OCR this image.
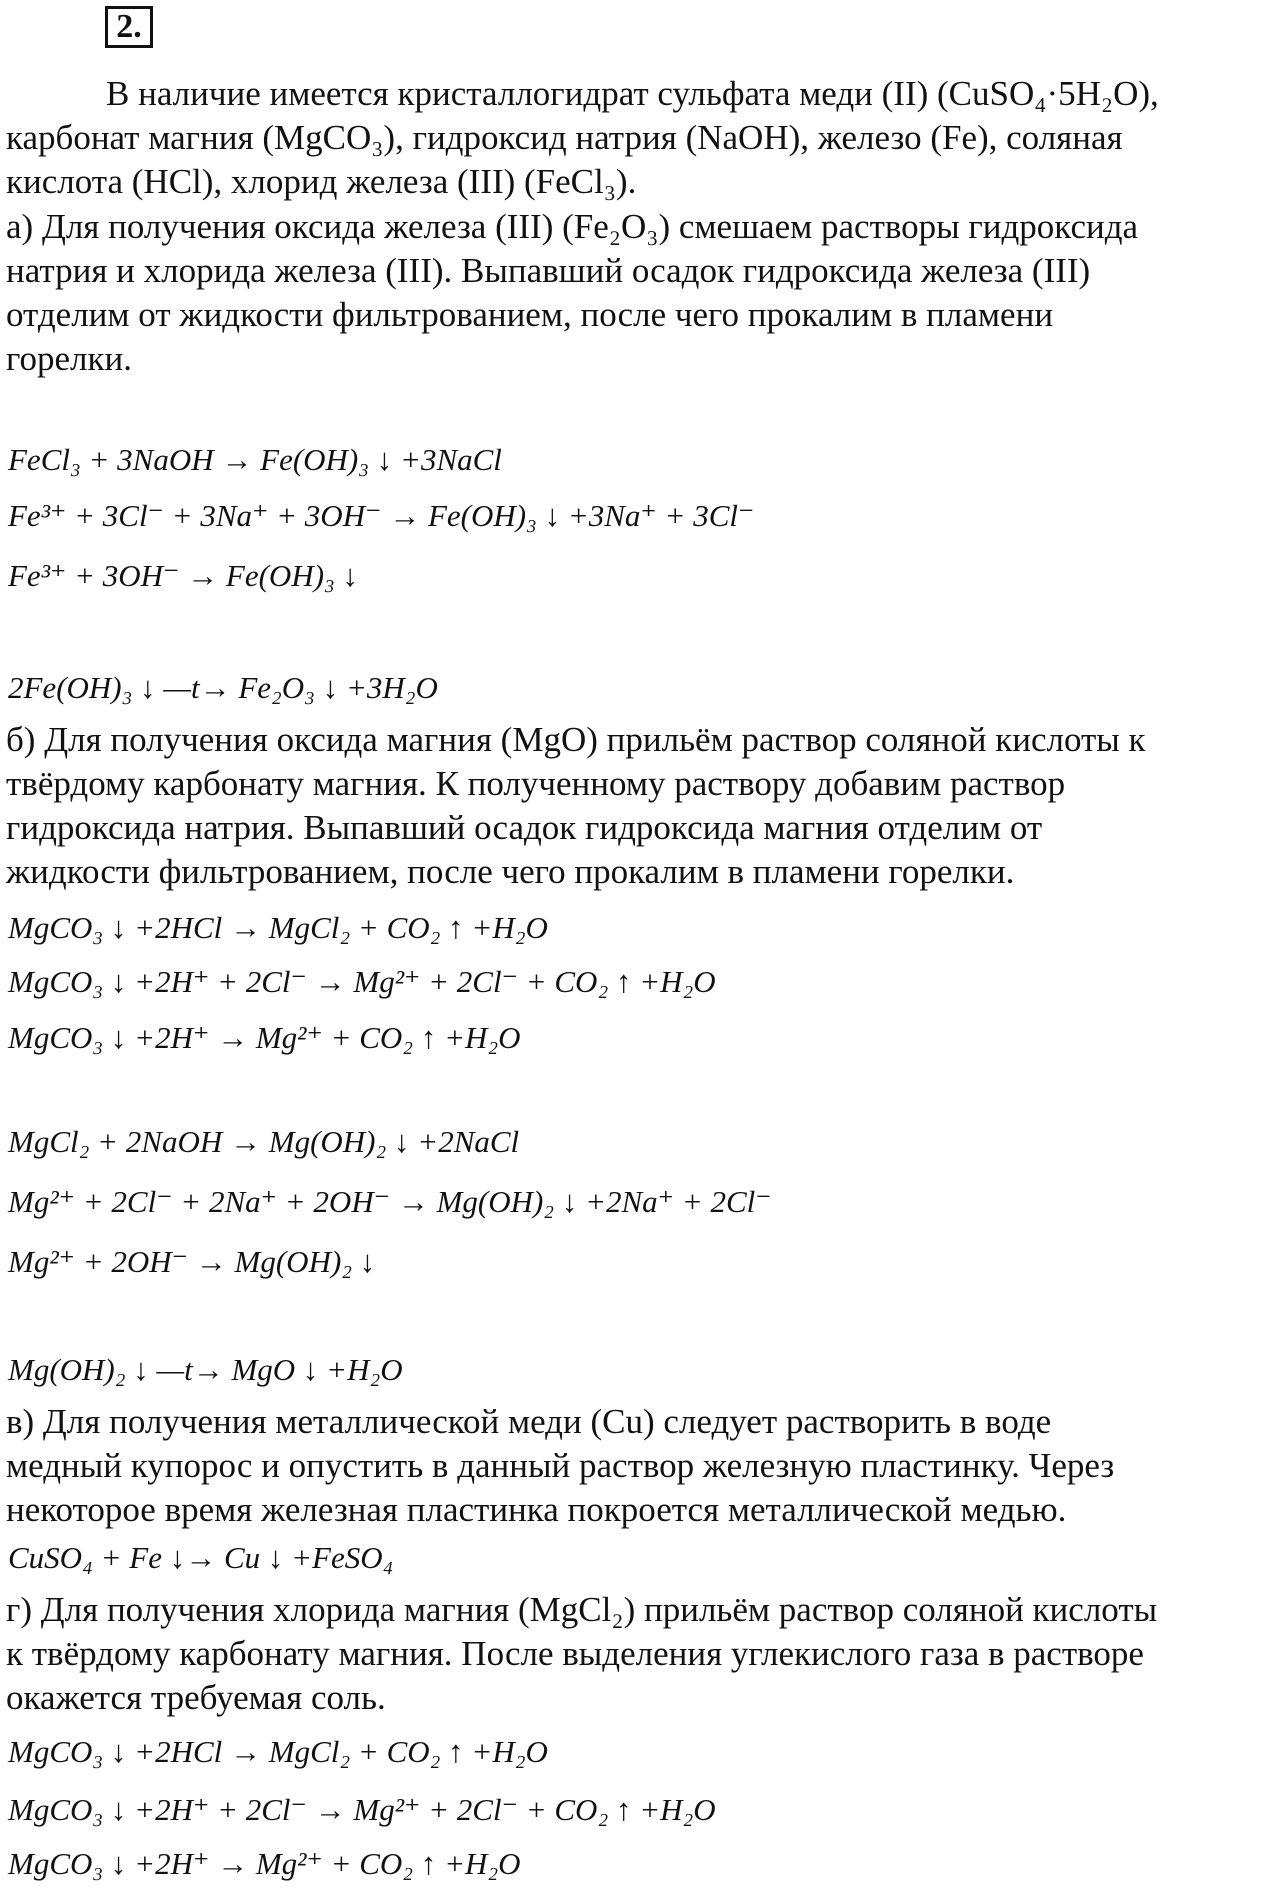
2.

В наличие имеется кристаллогидрат сульфата меди (II) (CuSO₄·5H₂O),
карбонат магния (MgCO₃), гидроксид натрия (NaOH), железо (Fe), соляная
кислота (HCl), хлорид железа (III) (FeCl₃).

а) Для получения оксида железа (III) (Fe₂O₃) смешаем растворы гидроксида
натрия и хлорида железа (III). Выпавший осадок гидроксида железа (III)
отделим от жидкости фильтрованием, после чего прокалим в пламени
горелки.

FeCl₃ + 3NaOH → Fe(OH)₃ ↓ +3NaCl
Fe³⁺ + 3Cl⁻ + 3Na⁺ + 3OH⁻ → Fe(OH)₃ ↓ +3Na⁺ + 3Cl⁻
Fe³⁺ + 3OH⁻ → Fe(OH)₃ ↓
2Fe(OH)₃ ↓ —t→ Fe₂O₃ ↓ +3H₂O

б) Для получения оксида магния (MgO) прильём раствор соляной кислоты к
твёрдому карбонату магния. К полученному раствору добавим раствор
гидроксида натрия. Выпавший осадок гидроксида магния отделим от
жидкости фильтрованием, после чего прокалим в пламени горелки.

MgCO₃ ↓ +2HCl → MgCl₂ + CO₂ ↑ +H₂O
MgCO₃ ↓ +2H⁺ + 2Cl⁻ → Mg²⁺ + 2Cl⁻ + CO₂ ↑ +H₂O
MgCO₃ ↓ +2H⁺ → Mg²⁺ + CO₂ ↑ +H₂O
MgCl₂ + 2NaOH → Mg(OH)₂ ↓ +2NaCl
Mg²⁺ + 2Cl⁻ + 2Na⁺ + 2OH⁻ → Mg(OH)₂ ↓ +2Na⁺ + 2Cl⁻
Mg²⁺ + 2OH⁻ → Mg(OH)₂ ↓
Mg(OH)₂ ↓ —t→ MgO ↓ +H₂O

в) Для получения металлической меди (Cu) следует растворить в воде
медный купорос и опустить в данный раствор железную пластинку. Через
некоторое время железная пластинка покроется металлической медью.

CuSO₄ + Fe ↓→ Cu ↓ +FeSO₄

г) Для получения хлорида магния (MgCl₂) прильём раствор соляной кислоты
к твёрдому карбонату магния. После выделения углекислого газа в растворе
окажется требуемая соль.

MgCO₃ ↓ +2HCl → MgCl₂ + CO₂ ↑ +H₂O
MgCO₃ ↓ +2H⁺ + 2Cl⁻ → Mg²⁺ + 2Cl⁻ + CO₂ ↑ +H₂O
MgCO₃ ↓ +2H⁺ → Mg²⁺ + CO₂ ↑ +H₂O
